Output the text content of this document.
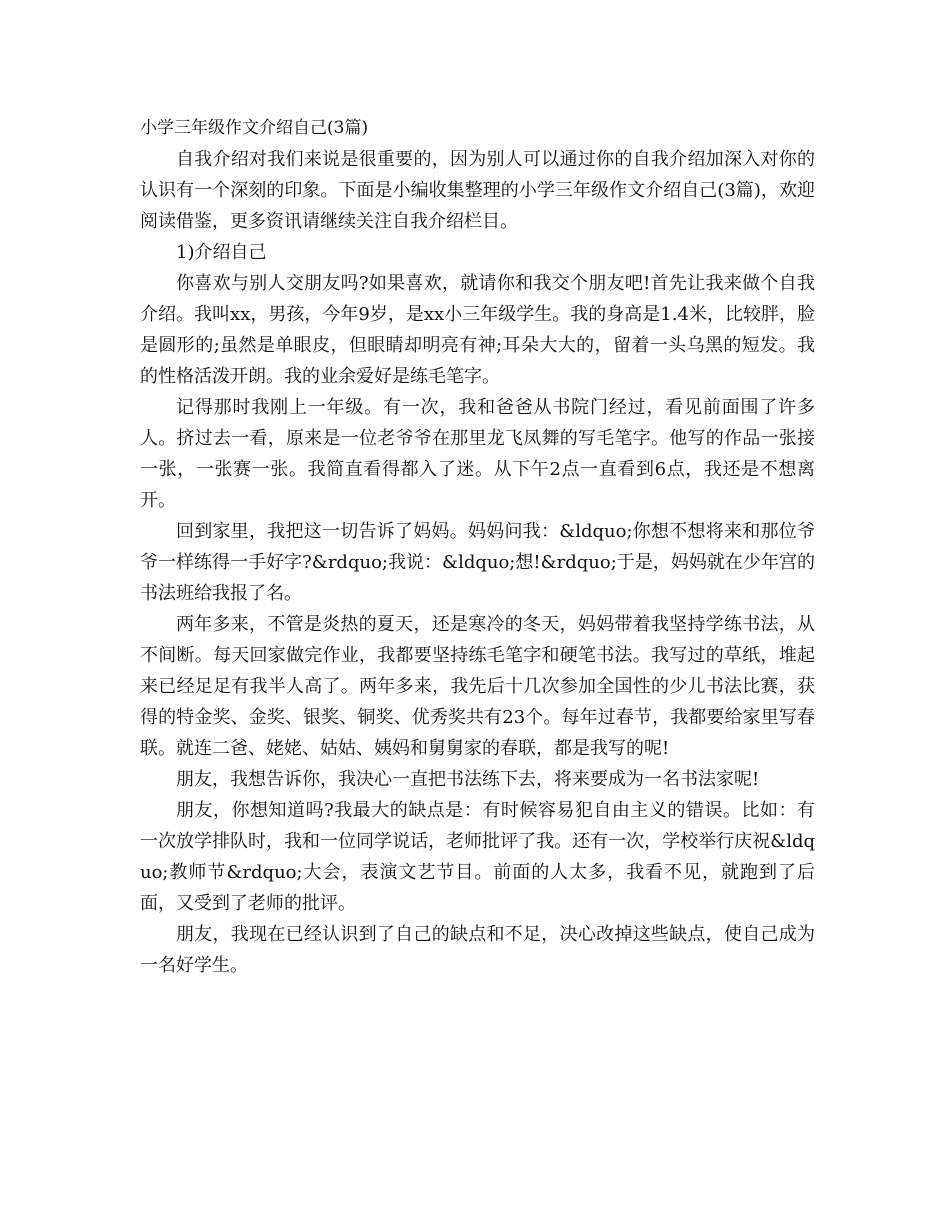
小学三年级作文介绍自己(3篇)

自我介绍对我们来说是很重要的，因为别人可以通过你的自我介绍加深入对你的认识有一个深刻的印象。下面是小编收集整理的小学三年级作文介绍自己(3篇)，欢迎阅读借鉴，更多资讯请继续关注自我介绍栏目。

1)介绍自己

你喜欢与别人交朋友吗?如果喜欢，就请你和我交个朋友吧!首先让我来做个自我介绍。我叫xx，男孩，今年9岁，是xx小三年级学生。我的身高是1.4米，比较胖，脸是圆形的;虽然是单眼皮，但眼睛却明亮有神;耳朵大大的，留着一头乌黑的短发。我的性格活泼开朗。我的业余爱好是练毛笔字。

记得那时我刚上一年级。有一次，我和爸爸从书院门经过，看见前面围了许多人。挤过去一看，原来是一位老爷爷在那里龙飞凤舞的写毛笔字。他写的作品一张接一张，一张赛一张。我简直看得都入了迷。从下午2点一直看到6点，我还是不想离开。

回到家里，我把这一切告诉了妈妈。妈妈问我：&ldquo;你想不想将来和那位爷爷一样练得一手好字?&rdquo;我说：&ldquo;想!&rdquo;于是，妈妈就在少年宫的书法班给我报了名。

两年多来，不管是炎热的夏天，还是寒冷的冬天，妈妈带着我坚持学练书法，从不间断。每天回家做完作业，我都要坚持练毛笔字和硬笔书法。我写过的草纸，堆起来已经足足有我半人高了。两年多来，我先后十几次参加全国性的少儿书法比赛，获得的特金奖、金奖、银奖、铜奖、优秀奖共有23个。每年过春节，我都要给家里写春联。就连二爸、姥姥、姑姑、姨妈和舅舅家的春联，都是我写的呢!

朋友，我想告诉你，我决心一直把书法练下去，将来要成为一名书法家呢!

朋友，你想知道吗?我最大的缺点是：有时候容易犯自由主义的错误。比如：有一次放学排队时，我和一位同学说话，老师批评了我。还有一次，学校举行庆祝&ldquo;教师节&rdquo;大会，表演文艺节目。前面的人太多，我看不见，就跑到了后面，又受到了老师的批评。

朋友，我现在已经认识到了自己的缺点和不足，决心改掉这些缺点，使自己成为一名好学生。
